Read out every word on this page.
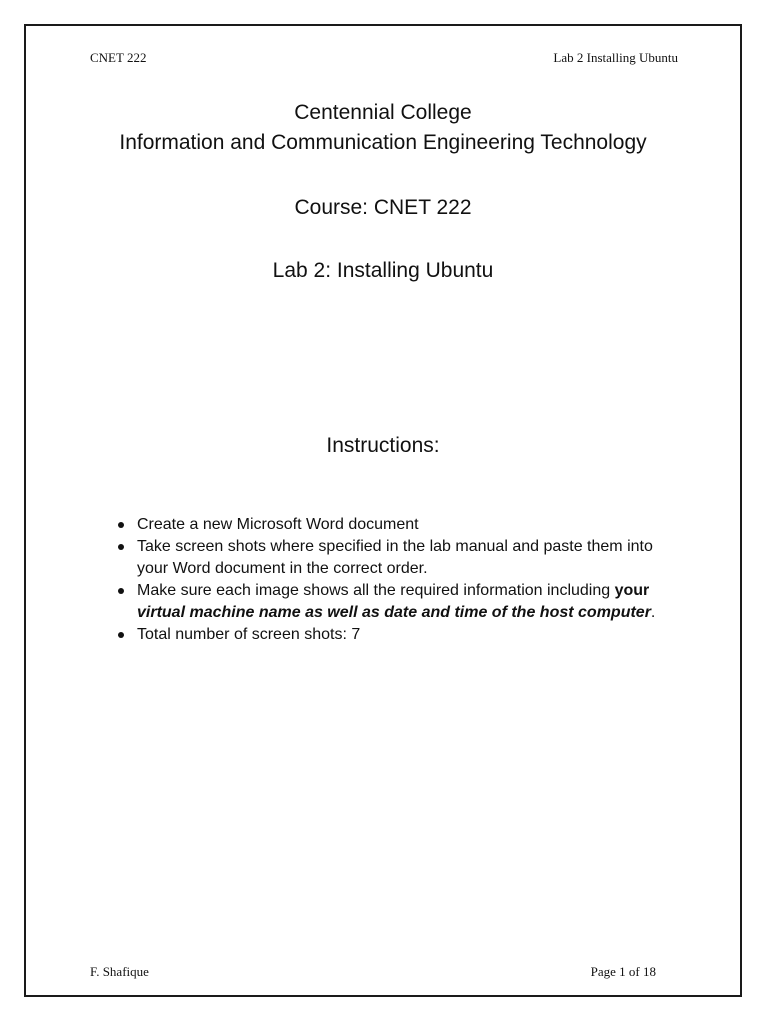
CNET 222	Lab 2 Installing Ubuntu
Centennial College
Information and Communication Engineering Technology
Course: CNET 222
Lab 2: Installing Ubuntu
Instructions:
Create a new Microsoft Word document
Take screen shots where specified in the lab manual and paste them into your Word document in the correct order.
Make sure each image shows all the required information including your virtual machine name as well as date and time of the host computer.
Total number of screen shots: 7
F. Shafique	Page 1 of 18
